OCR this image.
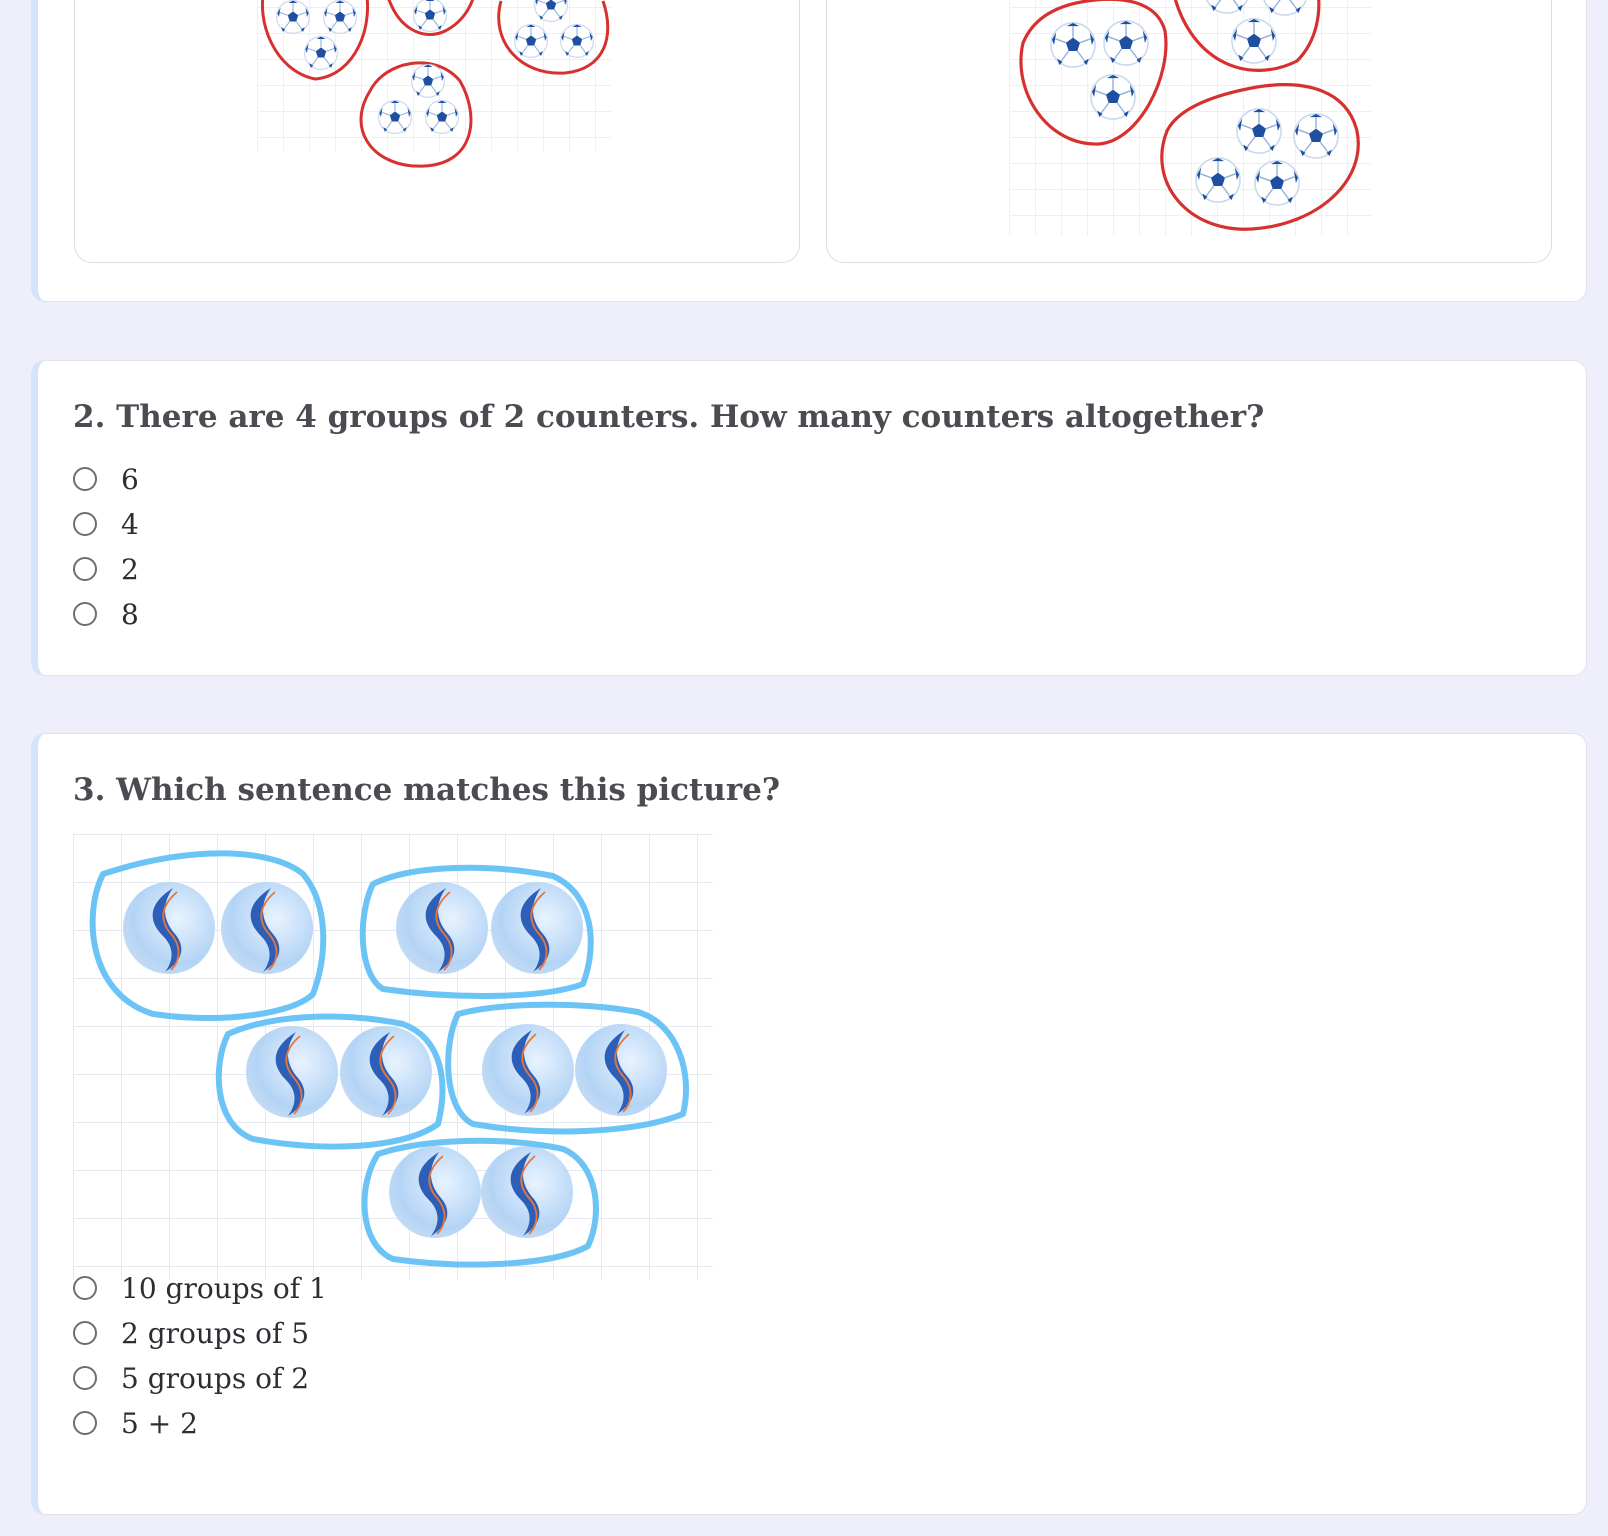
2. There are 4 groups of 2 counters. How many counters altogether?
6
4
2
8
3. Which sentence matches this picture?
10 groups of 1
2 groups of 5
5 groups of 2
5 + 2
